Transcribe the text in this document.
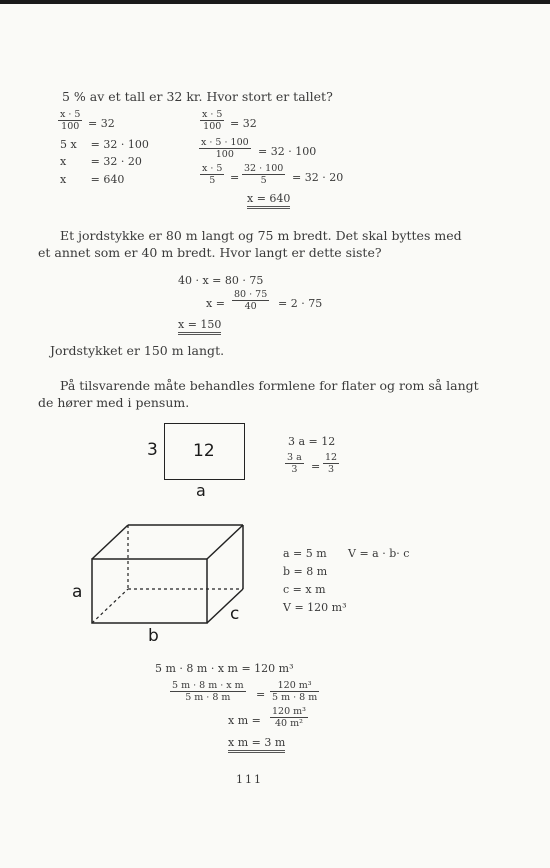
5 % av et tall er 32 kr. Hvor stort er tallet?
$\frac{x \cdot 5}{100} = 32$
5 x    = 32 · 100
x       = 32 · 20
x       = 640
$\frac{x \cdot 5}{100} = 32$
$\frac{x \cdot 5 \cdot 100}{100} = 32 \cdot 100$
$\frac{x \cdot 5}{5} = \frac{32 \cdot 100}{5} = 32 \cdot 20$
x = 640
Et jordstykke er 80 m langt og 75 m bredt. Det skal byttes med
et annet som er 40 m bredt. Hvor langt er dette siste?
40 · x = 80 · 75
$x = \frac{80 \cdot 75}{40} = 2 \cdot 75$
x = 150
Jordstykket er 150 m langt.
På tilsvarende måte behandles formlene for flater og rom så langt
de hører med i pensum.
3 12
a
3 a = 12
$\frac{3 a}{3} = \frac{12}{3}$
a
b
c
a = 5 m V = a · b· c
b = 8 m
c = x m
V = 120 m³
5 m · 8 m · x m = 120 m³
$\frac{\text{5 m · 8 m · x m}}{5 m \cdot 8 m} = \frac{\text{120 m³}}{5 m \cdot 8 m}$
x $m = \frac{\text{120 m³}}{\text{40 m²}}$
x m = 3 m
111
